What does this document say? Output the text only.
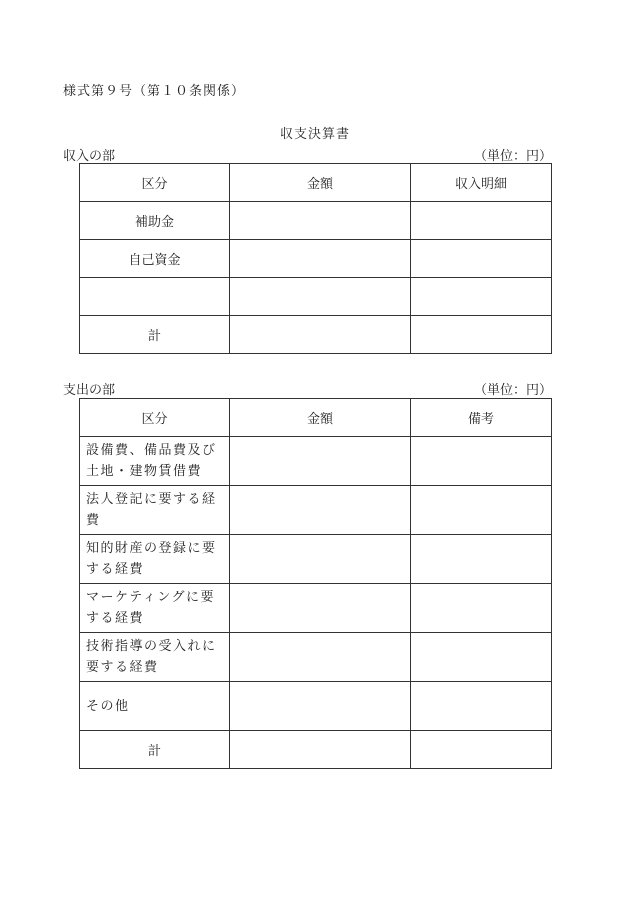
様式第９号（第１０条関係）
収支決算書
収入の部	（単位：円）
区分	金額	収入明細
補助金		
自己資金		

計		
支出の部	（単位：円）
区分	金額	備考
設備費、備品費及び土地・建物賃借費		
法人登記に要する経費		
知的財産の登録に要する経費		
マーケティングに要する経費		
技術指導の受入れに要する経費		
その他		
計		
